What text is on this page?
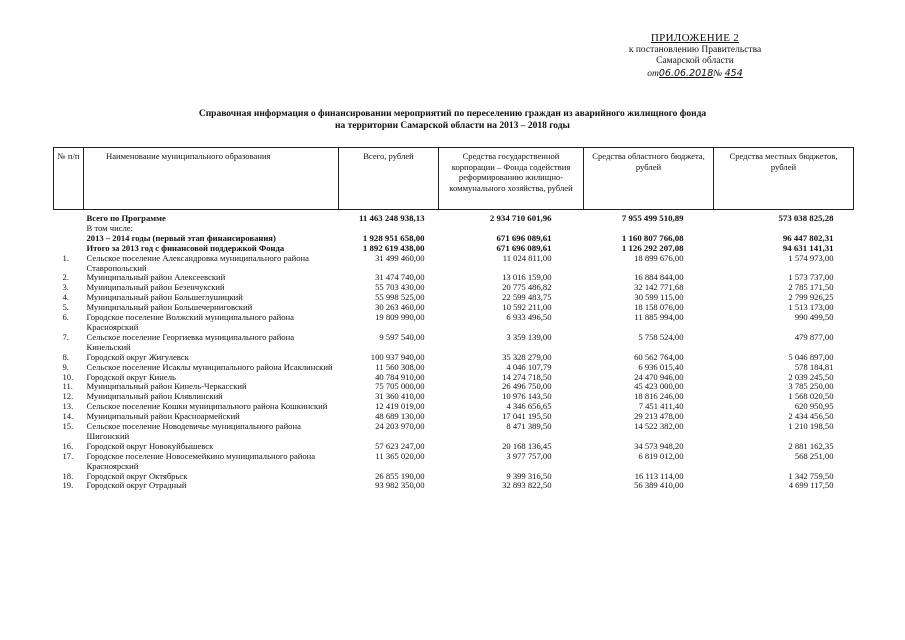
ПРИЛОЖЕНИЕ 2
к постановлению Правительства
Самарской области
от06.06.2018№ 454
Справочная информация о финансировании мероприятий по переселению граждан из аварийного жилищного фонда
на территории Самарской области на 2013 – 2018 годы
№ п/п	Наименование муниципального образования	Всего, рублей	Средства государственной корпорации – Фонда содействия реформированию жилищно-коммунального хозяйства, рублей	Средства областного бюджета, рублей	Средства местных бюджетов, рублей
	Всего по Программе	11 463 248 938,13	2 934 710 601,96	7 955 499 510,89	573 038 825,28
	В том числе:				
	2013 – 2014 годы (первый этап финансирования)	1 928 951 658,00	671 696 089,61	1 160 807 766,08	96 447 802,31
	Итого за 2013 год с финансовой поддержкой Фонда	1 892 619 438,00	671 696 089,61	1 126 292 207,08	94 631 141,31
1.	Сельское поселение Александровка муниципального района Ставропольский	31 499 460,00	11 024 811,00	18 899 676,00	1 574 973,00
2.	Муниципальный район Алексеевский	31 474 740,00	13 016 159,00	16 884 844,00	1 573 737,00
3.	Муниципальный район Безенчукский	55 703 430,00	20 775 486,82	32 142 771,68	2 785 171,50
4.	Муниципальный район Большеглушицкий	55 998 525,00	22 599 483,75	30 599 115,00	2 799 926,25
5.	Муниципальный район Большечерниговский	30 263 460,00	10 592 211,00	18 158 076,00	1 513 173,00
6.	Городское поселение Волжский муниципального района Красноярский	19 809 990,00	6 933 496,50	11 885 994,00	990 499,50
7.	Сельское поселение Георгиевка муниципального района Кинельский	9 597 540,00	3 359 139,00	5 758 524,00	479 877,00
8.	Городской округ Жигулевск	100 937 940,00	35 328 279,00	60 562 764,00	5 046 897,00
9.	Сельское поселение Исаклы муниципального района Исаклинский	11 560 308,00	4 046 107,79	6 936 015,40	578 184,81
10.	Городской округ Кинель	40 784 910,00	14 274 718,50	24 470 946,00	2 039 245,50
11.	Муниципальный район Кинель-Черкасский	75 705 000,00	26 496 750,00	45 423 000,00	3 785 250,00
12.	Муниципальный район Клявлинский	31 360 410,00	10 976 143,50	18 816 246,00	1 568 020,50
13.	Сельское поселение Кошки муниципального района Кошкинский	12 419 019,00	4 346 656,65	7 451 411,40	620 950,95
14.	Муниципальный район Красноармейский	48 689 130,00	17 041 195,50	29 213 478,00	2 434 456,50
15.	Сельское поселение Новодевичье муниципального района Шигонский	24 203 970,00	8 471 389,50	14 522 382,00	1 210 198,50
16.	Городской округ Новокуйбышевск	57 623 247,00	20 168 136,45	34 573 948,20	2 881 162,35
17.	Городское поселение Новосемейкино муниципального района Красноярский	11 365 020,00	3 977 757,00	6 819 012,00	568 251,00
18.	Городской округ Октябрьск	26 855 190,00	9 399 316,50	16 113 114,00	1 342 759,50
19.	Городской округ Отрадный	93 982 350,00	32 893 822,50	56 389 410,00	4 699 117,50
